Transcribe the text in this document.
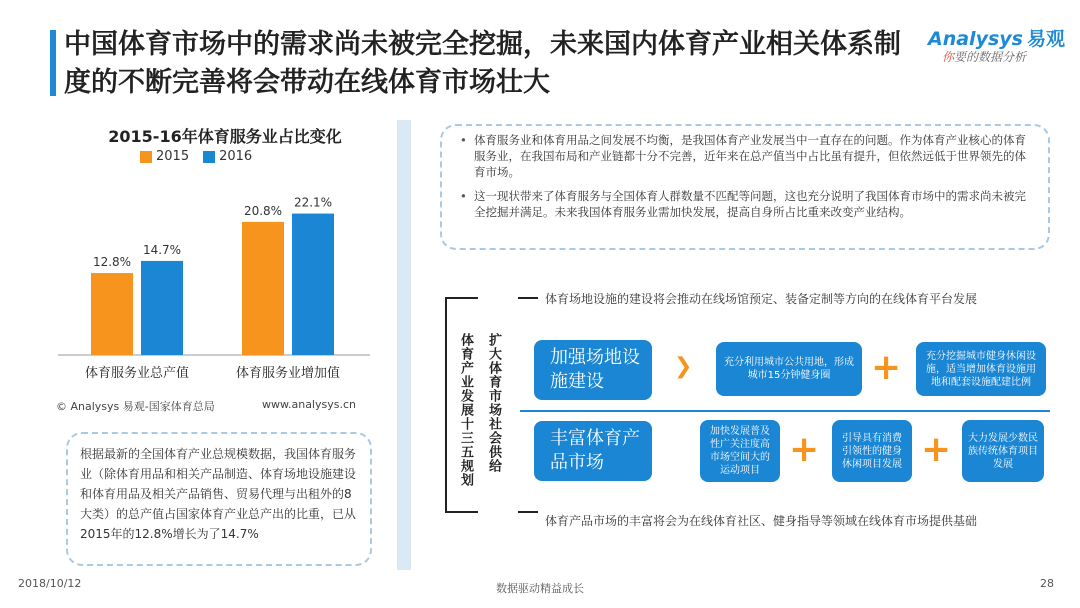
中国体育市场中的需求尚未被完全挖掘，未来国内体育产业相关体系制度的不断完善将会带动在线体育市场壮大
Analysys 易观
你要的数据分析
2015-16年体育服务业占比变化
2015 2016
12.8%
14.7%
体育服务业总产值
20.8%
22.1%
体育服务业增加值
© Analysys 易观-国家体育总局	www.analysys.cn

根据最新的全国体育产业总规模数据，我国体育服务业（除体育用品和相关产品制造、体育场地设施建设和体育用品及相关产品销售、贸易代理与出租外的8大类）的总产值占国家体育产业总产出的比重，已从2015年的12.8%增长为了14.7%

• 体育服务业和体育用品之间发展不均衡，是我国体育产业发展当中一直存在的问题。作为体育产业核心的体育服务业，在我国布局和产业链都十分不完善，近年来在总产值当中占比虽有提升，但依然远低于世界领先的体育市场。
• 这一现状带来了体育服务与全国体育人群数量不匹配等问题，这也充分说明了我国体育市场中的需求尚未被完全挖掘并满足。未来我国体育服务业需加快发展，提高自身所占比重来改变产业结构。
体育场地设施的建设将会推动在线场馆预定、装备定制等方向的在线体育平台发展
体育产品市场的丰富将会为在线体育社区、健身指导等领域在线体育市场提供基础
体育产业发展十三五规划 扩大体育市场社会供给	加强场地设施建设
丰富体育产品市场
❯	充分利用城市公共用地，形成城市15分钟健身圈	+	充分挖掘城市健身休闲设施，适当增加体育设施用地和配套设施配建比例
加快发展普及性广关注度高市场空间大的运动项目
+	引导具有消费引领性的健身休闲项目发展 +	大力发展少数民族传统体育项目发展
2018/10/12	数据驱动精益成长	28
